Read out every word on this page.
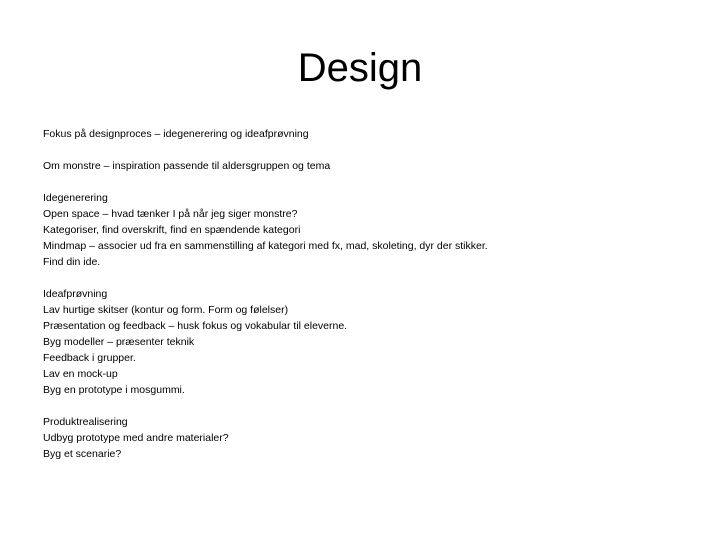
Design
Fokus på designproces – idegenerering og ideafprøvning
Om monstre – inspiration passende til aldersgruppen og tema
Idegenerering
Open space – hvad tænker I på når jeg siger monstre?
Kategoriser, find overskrift, find en spændende kategori
Mindmap – associer ud fra en sammenstilling af kategori med fx, mad, skoleting, dyr der stikker.
Find din ide.
Ideafprøvning
Lav hurtige skitser (kontur og form. Form og følelser)
Præsentation og feedback – husk fokus og vokabular til eleverne.
Byg modeller – præsenter teknik
Feedback i grupper.
Lav en mock-up
Byg en prototype i mosgummi.
Produktrealisering
Udbyg prototype med andre materialer?
Byg et scenarie?
